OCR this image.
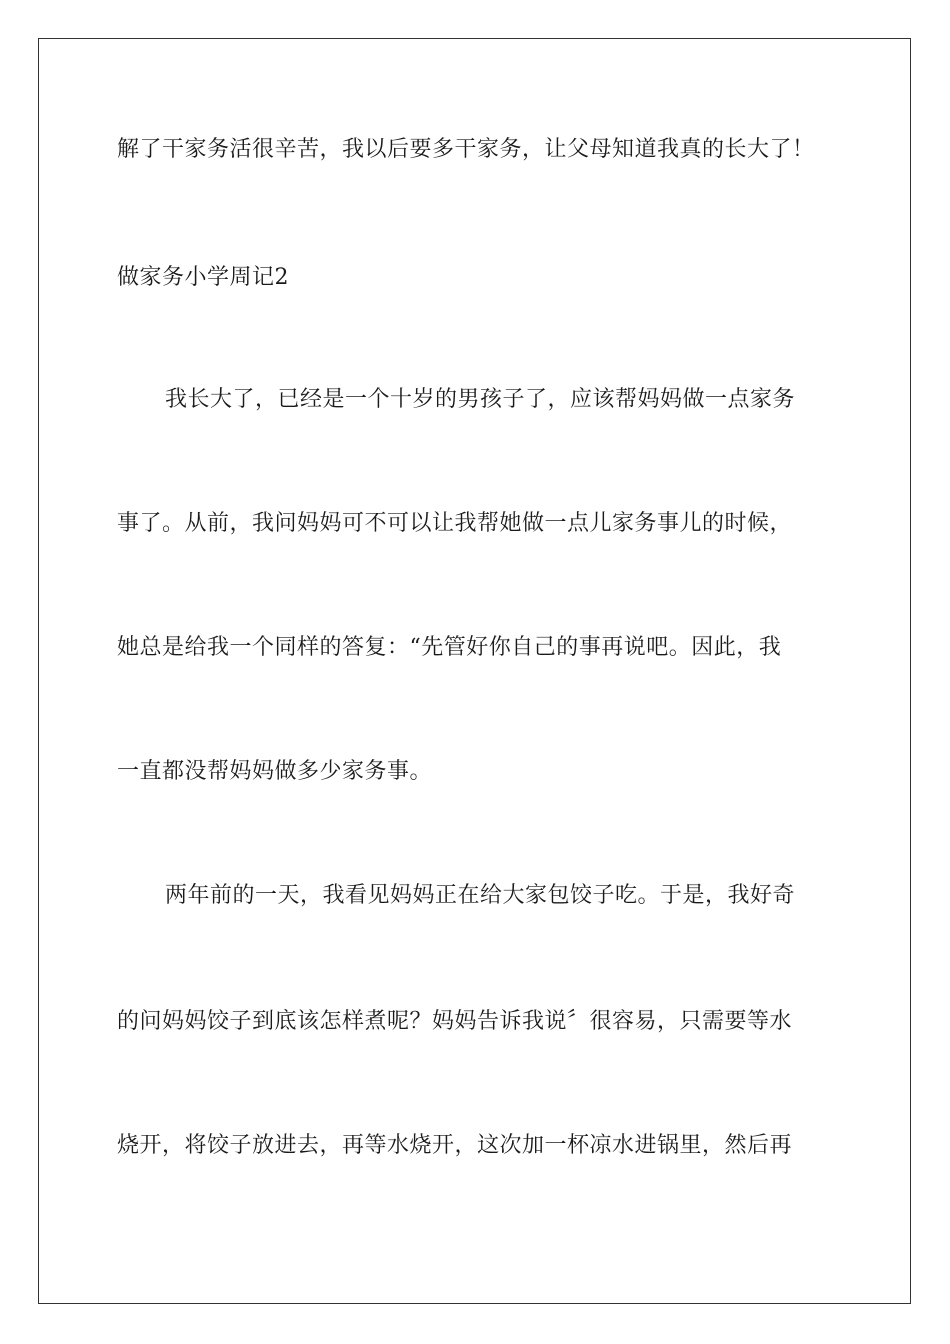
解了干家务活很辛苦，我以后要多干家务，让父母知道我真的长大了！
做家务小学周记2
我长大了，已经是一个十岁的男孩子了，应该帮妈妈做一点家务
事了。从前，我问妈妈可不可以让我帮她做一点儿家务事儿的时候，
她总是给我一个同样的答复：“先管好你自己的事再说吧。因此，我
一直都没帮妈妈做多少家务事。
两年前的一天，我看见妈妈正在给大家包饺子吃。于是，我好奇
的问妈妈饺子到底该怎样煮呢？妈妈告诉我说〞很容易，只需要等水
烧开，将饺子放进去，再等水烧开，这次加一杯凉水进锅里，然后再
